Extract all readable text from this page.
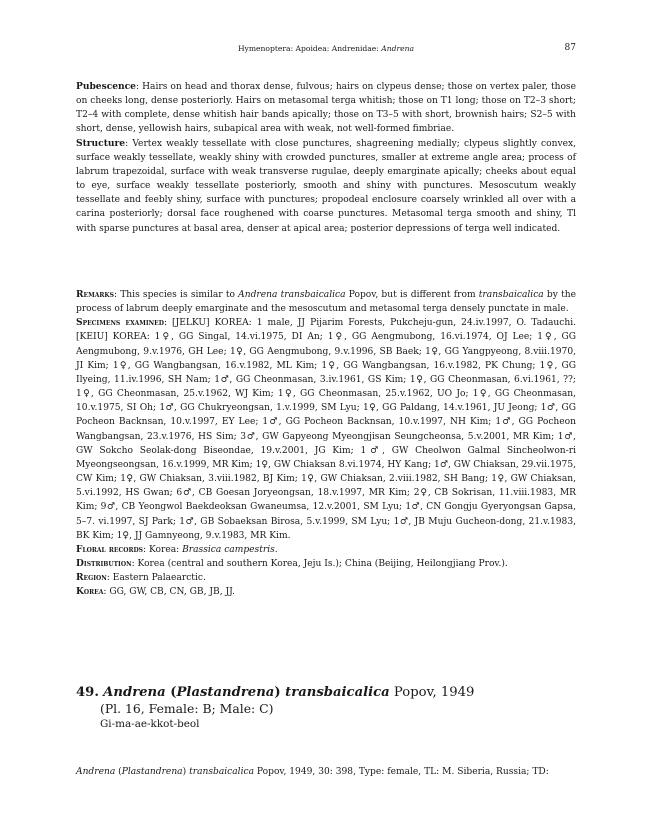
Hymenoptera: Apoidea: Andrenidae: Andrena	87

Pubescence: Hairs on head and thorax dense, fulvous; hairs on clypeus dense; those on vertex paler, those on cheeks long, dense posteriorly. Hairs on metasomal terga whitish; those on T1 long; those on T2–3 short; T2–4 with complete, dense whitish hair bands apically; those on T3–5 with short, brownish hairs; S2–5 with short, dense, yellowish hairs, subapical area with weak, not well-formed fimbriae.

Structure: Vertex weakly tessellate with close punctures, shagreening medially; clypeus slightly convex, surface weakly tessellate, weakly shiny with crowded punctures, smaller at extreme angle area; process of labrum trapezoidal, surface with weak transverse rugulae, deeply emarginate apically; cheeks about equal to eye, surface weakly tessellate posteriorly, smooth and shiny with punctures. Mesoscutum weakly tessellate and feebly shiny, surface with punctures; propodeal enclosure coarsely wrinkled all over with a carina posteriorly; dorsal face roughened with coarse punctures. Metasomal terga smooth and shiny, Tl with sparse punctures at basal area, denser at apical area; posterior depressions of terga well indicated.

Remarks: This species is similar to Andrena transbaicalica Popov, but is different from transbaicalica by the process of labrum deeply emarginate and the mesoscutum and metasomal terga densely punctate in male.

Specimens examined: [JELKU] KOREA: 1 male, JJ Pijarim Forests, Pukcheju-gun, 24.iv.1997, O. Tadauchi. [KEIU] KOREA: 1♀, GG Singal, 14.vi.1975, DI An; 1♀, GG Aengmubong, 16.vi.1974, OJ Lee; 1♀, GG Aengmubong, 9.v.1976, GH Lee; 1♀, GG Aengmubong, 9.v.1996, SB Baek; 1♀, GG Yangpyeong, 8.viii.1970, JI Kim; 1♀, GG Wangbangsan, 16.v.1982, ML Kim; 1♀, GG Wangbangsan, 16.v.1982, PK Chung; 1♀, GG Ilyeing, 11.iv.1996, SH Nam; 1♂, GG Cheonmasan, 3.iv.1961, GS Kim; 1♀, GG Cheonmasan, 6.vi.1961, ??; 1♀, GG Cheonmasan, 25.v.1962, WJ Kim; 1♀, GG Cheonmasan, 25.v.1962, UO Jo; 1♀, GG Cheonmasan, 10.v.1975, SI Oh; 1♂, GG Chukryeongsan, 1.v.1999, SM Lyu; 1♀, GG Paldang, 14.v.1961, JU Jeong; 1♂, GG Pocheon Backnsan, 10.v.1997, EY Lee; 1♂, GG Pocheon Backnsan, 10.v.1997, NH Kim; 1♂, GG Pocheon Wangbangsan, 23.v.1976, HS Sim; 3♂, GW Gapyeong Myeongjisan Seungcheonsa, 5.v.2001, MR Kim; 1♂, GW Sokcho Seolak-dong Biseondae, 19.v.2001, JG Kim; 1♂, GW Cheolwon Galmal Sincheolwon-ri Myeongseongsan, 16.v.1999, MR Kim; 1♀, GW Chiaksan 8.vi.1974, HY Kang; 1♂, GW Chiaksan, 29.vii.1975, CW Kim; 1♀, GW Chiaksan, 3.viii.1982, BJ Kim; 1♀, GW Chiaksan, 2.viii.1982, SH Bang; 1♀, GW Chiaksan, 5.vi.1992, HS Gwan; 6♂, CB Goesan Joryeongsan, 18.v.1997, MR Kim; 2♀, CB Sokrisan, 11.viii.1983, MR Kim; 9♂, CB Yeongwol Baekdeoksan Gwaneumsa, 12.v.2001, SM Lyu; 1♂, CN Gongju Gyeryongsan Gapsa, 5–7. vi.1997, SJ Park; 1♂, GB Sobaeksan Birosa, 5.v.1999, SM Lyu; 1♂, JB Muju Gucheon-dong, 21.v.1983, BK Kim; 1♀, JJ Gamnyeong, 9.v.1983, MR Kim.

Floral records: Korea: Brassica campestris.

Distribution: Korea (central and southern Korea, Jeju Is.); China (Beijing, Heilongjiang Prov.).

Region: Eastern Palaearctic.

Korea: GG, GW, CB, CN, GB, JB, JJ.

49. Andrena (Plastandrena) transbaicalica Popov, 1949
(Pl. 16, Female: B; Male: C)
Gi-ma-ae-kkot-beol
Andrena (Plastandrena) transbaicalica Popov, 1949, 30: 398, Type: female, TL: M. Siberia, Russia; TD:
